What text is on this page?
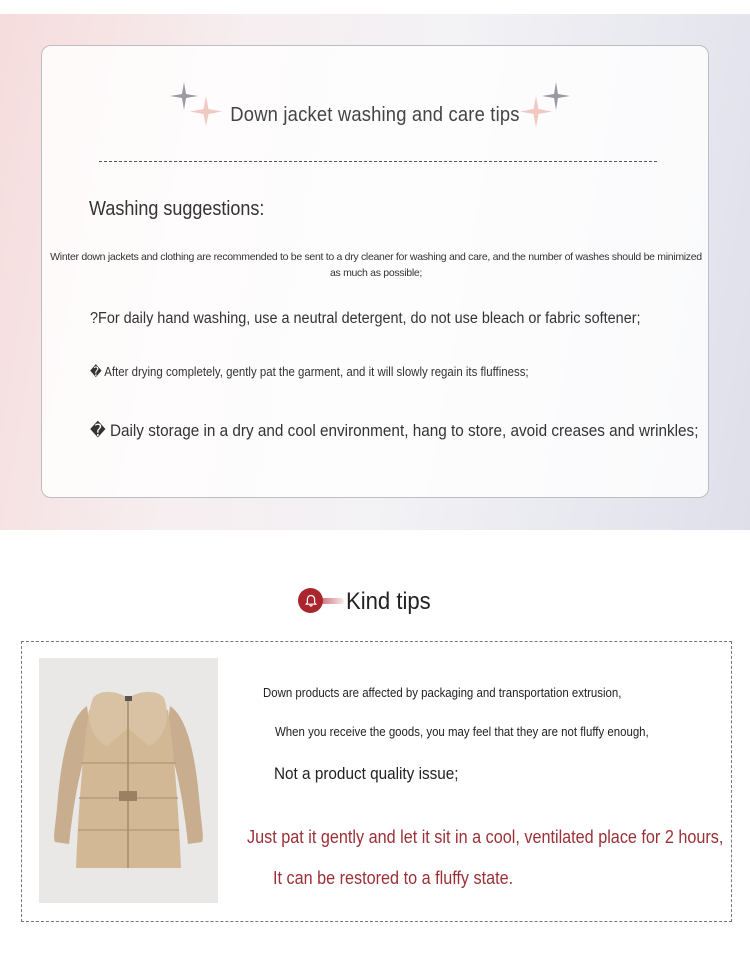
Down jacket washing and care tips
Washing suggestions:
Winter down jackets and clothing are recommended to be sent to a dry cleaner for washing and care, and the number of washes should be minimized as much as possible;
?For daily hand washing, use a neutral detergent, do not use bleach or fabric softener;
� After drying completely, gently pat the garment, and it will slowly regain its fluffiness;
� Daily storage in a dry and cool environment, hang to store, avoid creases and wrinkles;
Kind tips
Down products are affected by packaging and transportation extrusion,
When you receive the goods, you may feel that they are not fluffy enough,
Not a product quality issue;
Just pat it gently and let it sit in a cool, ventilated place for 2 hours,
It can be restored to a fluffy state.
